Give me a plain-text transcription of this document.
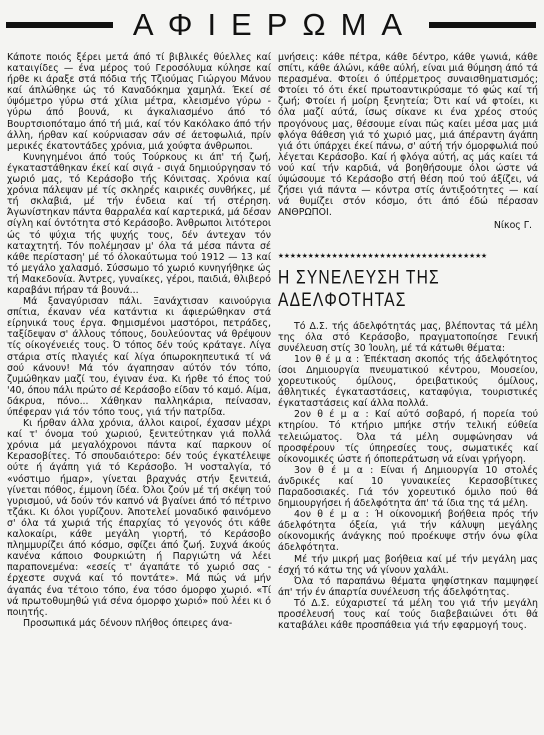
ΑΦΙΕΡΩΜΑ

Κάποτε ποιός ξέρει μετά άπό τί βιβλικές θύελλες καί καταιγίδες — ένα μέρος τού Γεροσόλυμα κύλησε καί ήρθε κι άραξε στά πόδια τής Τζιούμας Γιώργου Μάνου καί άπλώθηκε ώς τό Καναδόκημα χαμηλά. Έκεί σέ ύψόμετρο γύρω στά χίλια μέτρα, κλεισμένο γύρω - γύρω άπό βουνά, κι άγκαλιασμένο άπό τό Βουρτσιοπόταμο άπό τή μιά, καί τόν Κακόλακο άπό τήν άλλη, ήρθαν καί κούρνιασαν σάν σέ άετοφωλιά, πρίν μερικές έκατοντάδες χρόνια, μιά χούφτα άνθρωποι.

Κυνηγημένοι άπό τούς Τούρκους κι άπ' τή ζωή, έγκαταστάθηκαν έκεί καί σιγά - σιγά δημιούργησαν τό χωριό μας, τό Κεράσοβο τής Κόνιτσας. Χρόνια καί χρόνια πάλεψαν μέ τίς σκληρές καιρικές συνθήκες, μέ τή σκλαβιά, μέ τήν ένδεια καί τή στέρηση. Άγωνίστηκαν πάντα θαρραλέα καί καρτερικά, μά δέσαν σίγλη καί όντότητα στό Κεράσοβο. Άνθρωποι λιτότεροι ώς τό ψύχια τής ψυχής τους, δέν άντεχαν τόν καταχτητή. Τόν πολέμησαν μ' όλα τά μέσα πάντα σέ κάθε περίσταση' μέ τό όλοκαύτωμα τού 1912 — 13 καί τό μεγάλο χαλασμό. Σύσσωμο τό χωριό κυνηγήθηκε ώς τή Μακεδονία. Άντρες, γυναίκες, γέροι, παιδιά, θλιβερό καραβάνι πήραν τά βουνά...

Μά ξαναγύρισαν πάλι. Ξανάχτισαν καινούργια σπίτια, έκαναν νέα κατάντια κι άφιερώθηκαν στά είρηνικά τους έργα. Φημισμένοι μαστόροι, πετράδες, ταξίδεψαν σ' άλλους τόπους, δουλεύοντας νά θρέψουν τίς οίκογένειές τους. Ό τόπος δέν τούς κράταγε. Λίγα στάρια στίς πλαγιές καί λίγα όπωροκηπευτικά τί νά σού κάνουν! Μά τόν άγαπησαν αύτόν τόν τόπο, ζυμώθηκαν μαζί του, έγιναν ένα. Κι ήρθε τό έπος τού '40, όπου πάλι πρώτο σέ Κεράσοβο είδαν τό καμό. Αίμα, δάκρυα, πόνο... Χάθηκαν παλληκάρια, πείνασαν, ύπέφεραν γιά τόν τόπο τους, γιά τήν πατρίδα.

Κι ήρθαν άλλα χρόνια, άλλοι καιροί, έχασαν μέχρι καί τ' όνομα τού χωριού, ξενιτεύτηκαν γιά πολλά χρόνια μά μεγαλόχρονοι πάντα καί παρκουν οί Κερασοβίτες. Τό σπουδαιότερο: δέν τούς έγκατέλειψε ούτε ή άγάπη γιά τό Κεράσοβο. Ή νοσταλγία, τό «νόστιμο ήμαρ», γίνεται βραχνάς στήν ξενιτειά, γίνεται πόθος, έμμονη ίδέα. Όλοι ζούν μέ τή σκέψη τού γυρισμού, νά δούν τόν καπνό νά βγαίνει άπό τό πέτρινο τζάκι. Κι όλοι γυρίζουν. Άποτελεί μοναδικό φαινόμενο σ' όλα τά χωριά τής έπαρχίας τό γεγονός ότι κάθε καλοκαίρι, κάθε μεγάλη γιορτή, τό Κεράσοβο πλημμυρίζει άπό κόσμο, σφίζει άπό ζωή. Συχνά άκούς κανένα κάποιο Φουρκιώτη ή Παργιώτη νά λέει παραπονεμένα: «εσείς τ' άγαπάτε τό χωριό σας - έρχεστε συχνά καί τό ποντάτε». Μά πώς νά μήν άγαπάς ένα τέτοιο τόπο, ένα τόσο όμορφο χωριό. «Τί νά πρωτοθυμηθώ γιά σένα όμορφο χωριό» πού λέει κι ό ποιητής.

Προσωπικά μάς δένουν πλήθος όπειρες άνα-

μνήσεις: κάθε πέτρα, κάθε δέντρο, κάθε γωνιά, κάθε σπίτι, κάθε άλώνι, κάθε αύλή, είναι μιά θύμηση άπό τά περασμένα. Φτοίει ό ύπέρμετρος συναισθηματισμός; Φτοίει τό ότι έκεί πρωτοαντικρύσαμε τό φώς καί τή ζωή; Φτοίει ή μοίρη ξενητεία; Ότι καί νά φτοίει, κι όλα μαζί αύτά, ίσως σίκανε κι ένα χρέος στούς προγόνους μας, θέσουμε είναι πώς καίει μέσα μας μιά φλόγα θάθεση γιά τό χωριό μας, μιά άπέραντη άγάπη γιά ότι ύπάρχει έκεί πάνω, σ' αύτή τήν όμορφωλιά πού λέγεται Κεράσοβο. Καί ή φλόγα αύτή, ας μάς καίει τά νού καί τήν καρδιά, νά βοηθήσουμε όλοι ώστε νά ύψώσουμε τό Κεράσοβο στή θέση πού τού άξίζει, νά ζήσει γιά πάντα — κόντρα στίς άντιξοότητες — καί νά θυμίζει στόν κόσμο, ότι άπό έδώ πέρασαν ΑΝΘΡΩΠΟΙ.

Νίκος Γ.

★★★★★★★★★★★★★★★★★★★★★★★★★★★★★★★★★★★
Η ΣΥΝΕΛΕΥΣΗ ΤΗΣ ΑΔΕΛΦΟΤΗΤΑΣ

Τό Δ.Σ. τής άδελφότητάς μας, βλέποντας τά μέλη της όλα στό Κεράσοβο, πραγματοποίησε Γενική συνέλευση στίς 30 Ίουλη, μέ τά κάτωθι θέματα:

1ον θ έ μ α : Έπέκταση σκοπός τής άδελφότητος ίσοι Δημιουργία πνευματικού κέντρου, Μουσείου, χορευτικούς όμίλους, όρειβατικούς όμίλους, άθλητικές έγκαταστάσεις, καταφύγια, τουριστικές έγκαταστάσεις καί άλλα πολλά.

2ον θ έ μ α : Καί αύτό σοβαρό, ή πορεία τού κτηρίου. Τό κτήριο μπήκε στήν τελική εύθεία τελειώματος. Όλα τά μέλη συμφώνησαν νά προσφέρουν τίς ύπηρεσίες τους, σωματικές καί οίκονομικές ώστε ή όποπεράτωση νά είναι γρήγορη.

3ον θ έ μ α : Είναι ή Δημιουργία 10 στολές άνδρικές καί 10 γυναικείες Κερασοβίτικες Παραδοσιακές. Γιά τόν χορευτικό όμιλο πού θά δημιουργήσει ή άδελφότητα άπ' τά ίδια της τά μέλη.

4ον θ έ μ α : Ή οίκονομική βοήθεια πρός τήν άδελφότητα όξεία, γιά τήν κάλυψη μεγάλης οίκονομικής άνάγκης πού προέκυψε στήν όνω φίλα άδελφότητα.

Μέ τήν μικρή μας βοήθεια καί μέ τήν μεγάλη μας έσχή τό κάτω της νά γίνουν χαλάλι.

Όλα τό παραπάνω θέματα ψηφίστηκαν παμψηφεί άπ' τήν έν άπαρτία συνέλευση τής άδελφότητας.

Τό Δ.Σ. εύχαριστεί τά μέλη του γιά τήν μεγάλη προσέλευσή τους καί τούς διαβεβαιώνει ότι θά καταβάλει κάθε προσπάθεια γιά τήν εφαρμογή τους.
